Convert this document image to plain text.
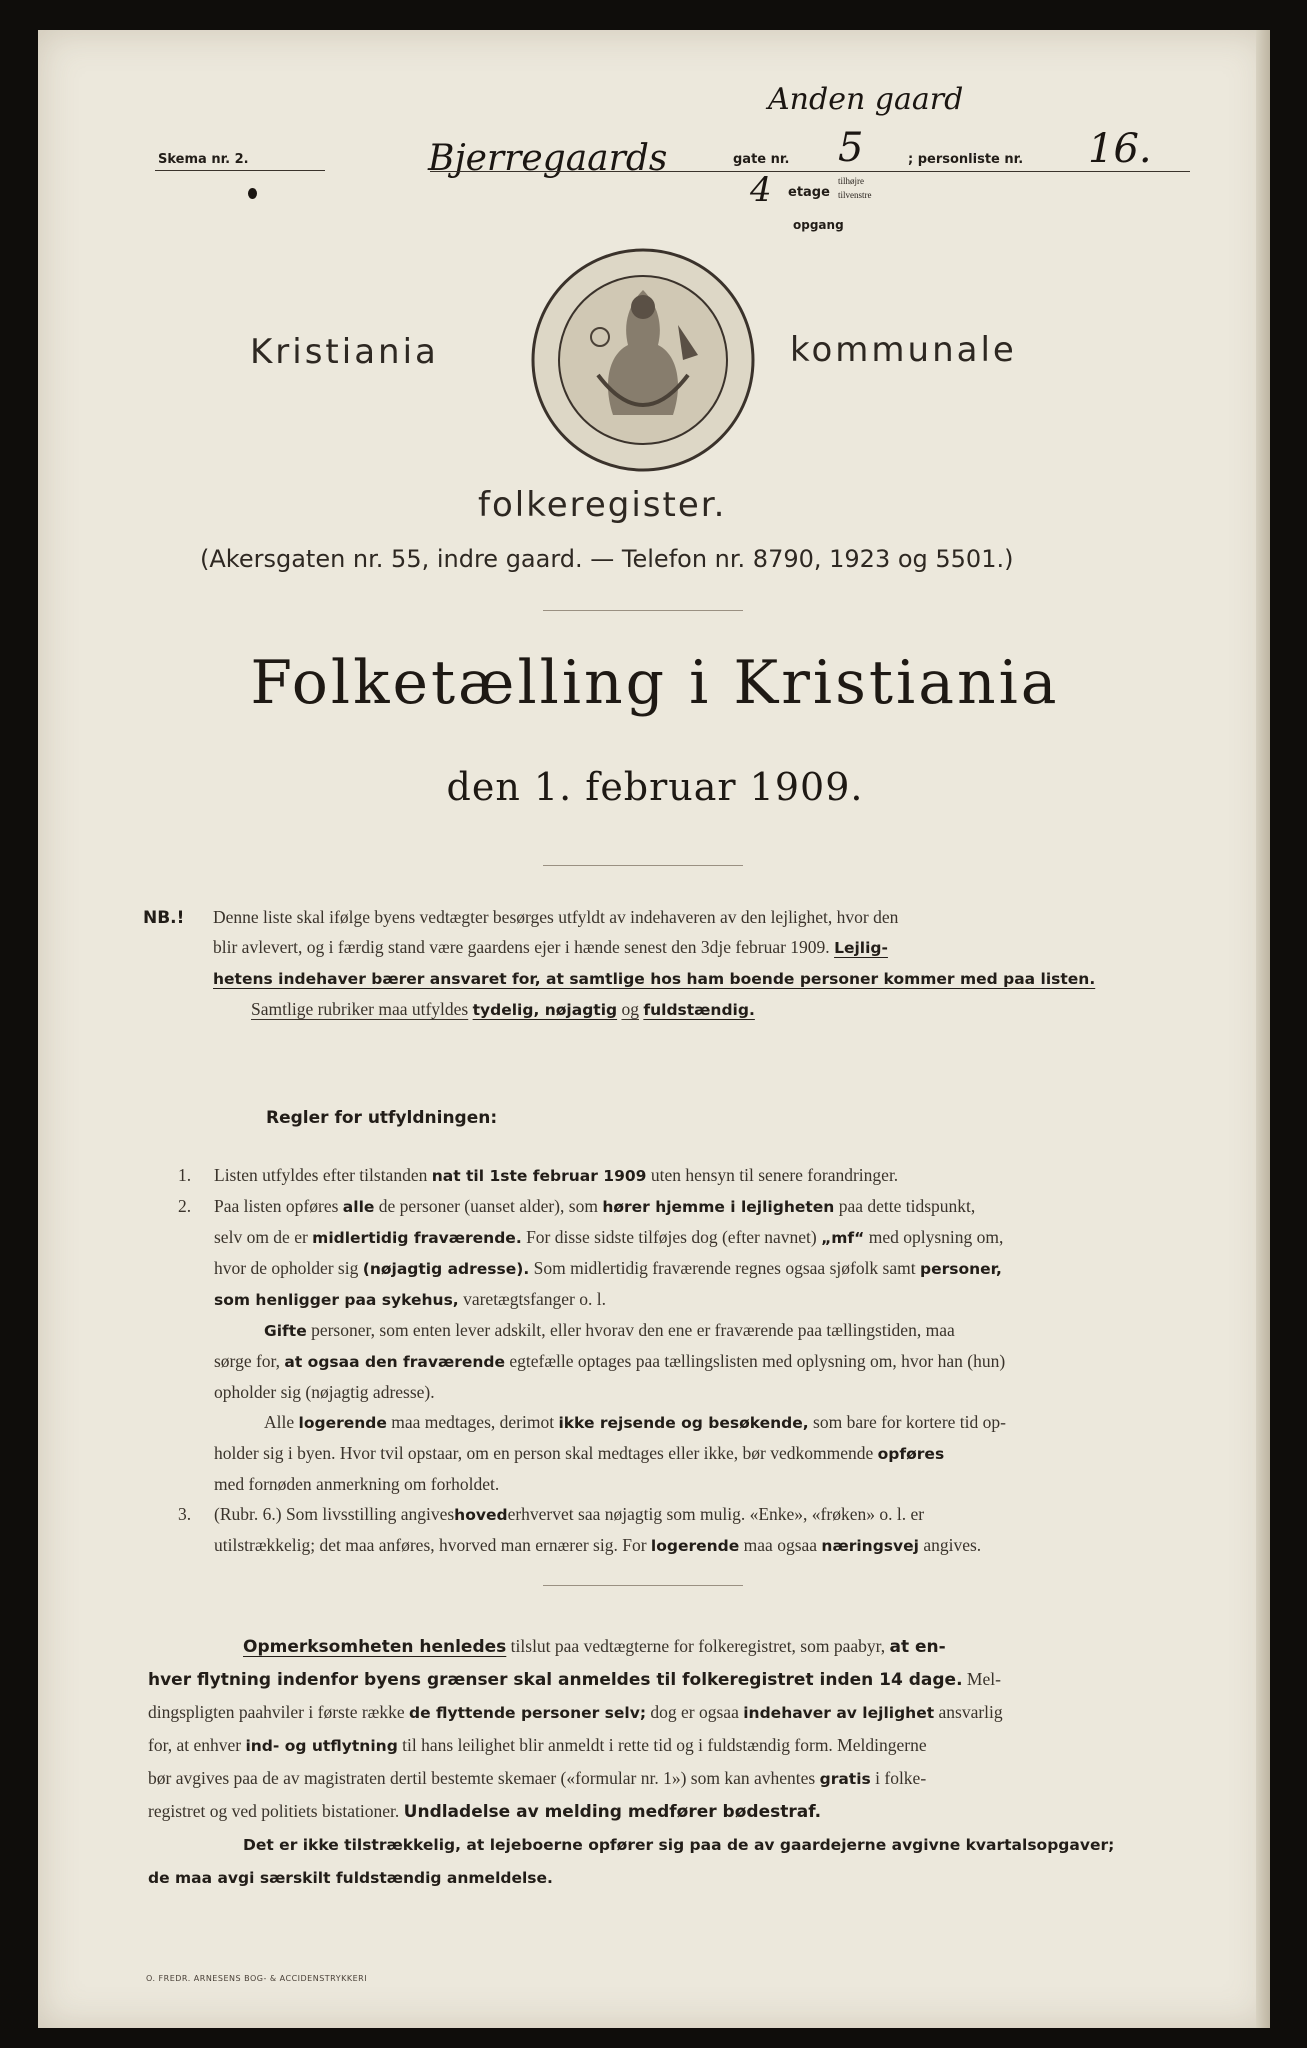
Skema nr. 2.	Bjerregaards
Anden gaard
gate nr. 5	; personliste nr. 16.
4 etage
tilhøjre
tilvenstre
opgang
Kristiania	kommunale
folkeregister.
(Akersgaten nr. 55, indre gaard. — Telefon nr. 8790, 1923 og 5501.)
Folketælling i Kristiania
den 1. februar 1909.
NB.! Denne liste skal ifølge byens vedtægter besørges utfyldt av indehaveren av den lejlighet, hvor den
blir avlevert, og i færdig stand være gaardens ejer i hænde senest den 3dje februar 1909. Lejlig-
hetens indehaver bærer ansvaret for, at samtlige hos ham boende personer kommer med paa listen.
Samtlige rubriker maa utfyldes tydelig, nøjagtig og fuldstændig.
Regler for utfyldningen:
1. Listen utfyldes efter tilstanden nat til 1ste februar 1909 uten hensyn til senere forandringer.
2. Paa listen opføres alle de personer (uanset alder), som hører hjemme i lejligheten paa dette tidspunkt,
selv om de er midlertidig fraværende. For disse sidste tilføjes dog (efter navnet) „mf“ med oplysning om,
hvor de opholder sig (nøjagtig adresse). Som midlertidig fraværende regnes ogsaa sjøfolk samt personer,
som henligger paa sykehus, varetægtsfanger o. l.
Gifte personer, som enten lever adskilt, eller hvorav den ene er fraværende paa tællingstiden, maa
sørge for, at ogsaa den fraværende egtefælle optages paa tællingslisten med oplysning om, hvor han (hun)
opholder sig (nøjagtig adresse).
Alle logerende maa medtages, derimot ikke rejsende og besøkende, som bare for kortere tid op-
holder sig i byen. Hvor tvil opstaar, om en person skal medtages eller ikke, bør vedkommende opføres
med fornøden anmerkning om forholdet.
3. (Rubr. 6.) Som livsstilling angiveshovederhvervet saa nøjagtig som mulig. «Enke», «frøken» o. l. er
utilstrækkelig; det maa anføres, hvorved man ernærer sig. For logerende maa ogsaa næringsvej angives.
Opmerksomheten henledes tilslut paa vedtægterne for folkeregistret, som paabyr, at en-
hver flytning indenfor byens grænser skal anmeldes til folkeregistret inden 14 dage. Mel-
dingspligten paahviler i første række de flyttende personer selv; dog er ogsaa indehaver av lejlighet ansvarlig
for, at enhver ind- og utflytning til hans leilighet blir anmeldt i rette tid og i fuldstændig form. Meldingerne
bør avgives paa de av magistraten dertil bestemte skemaer («formular nr. 1») som kan avhentes gratis i folke-
registret og ved politiets bistationer. Undladelse av melding medfører bødestraf.
Det er ikke tilstrækkelig, at lejeboerne opfører sig paa de av gaardejerne avgivne kvartalsopgaver;
de maa avgi særskilt fuldstændig anmeldelse.
O. FREDR. ARNESENS BOG- & ACCIDENSTRYKKERI
